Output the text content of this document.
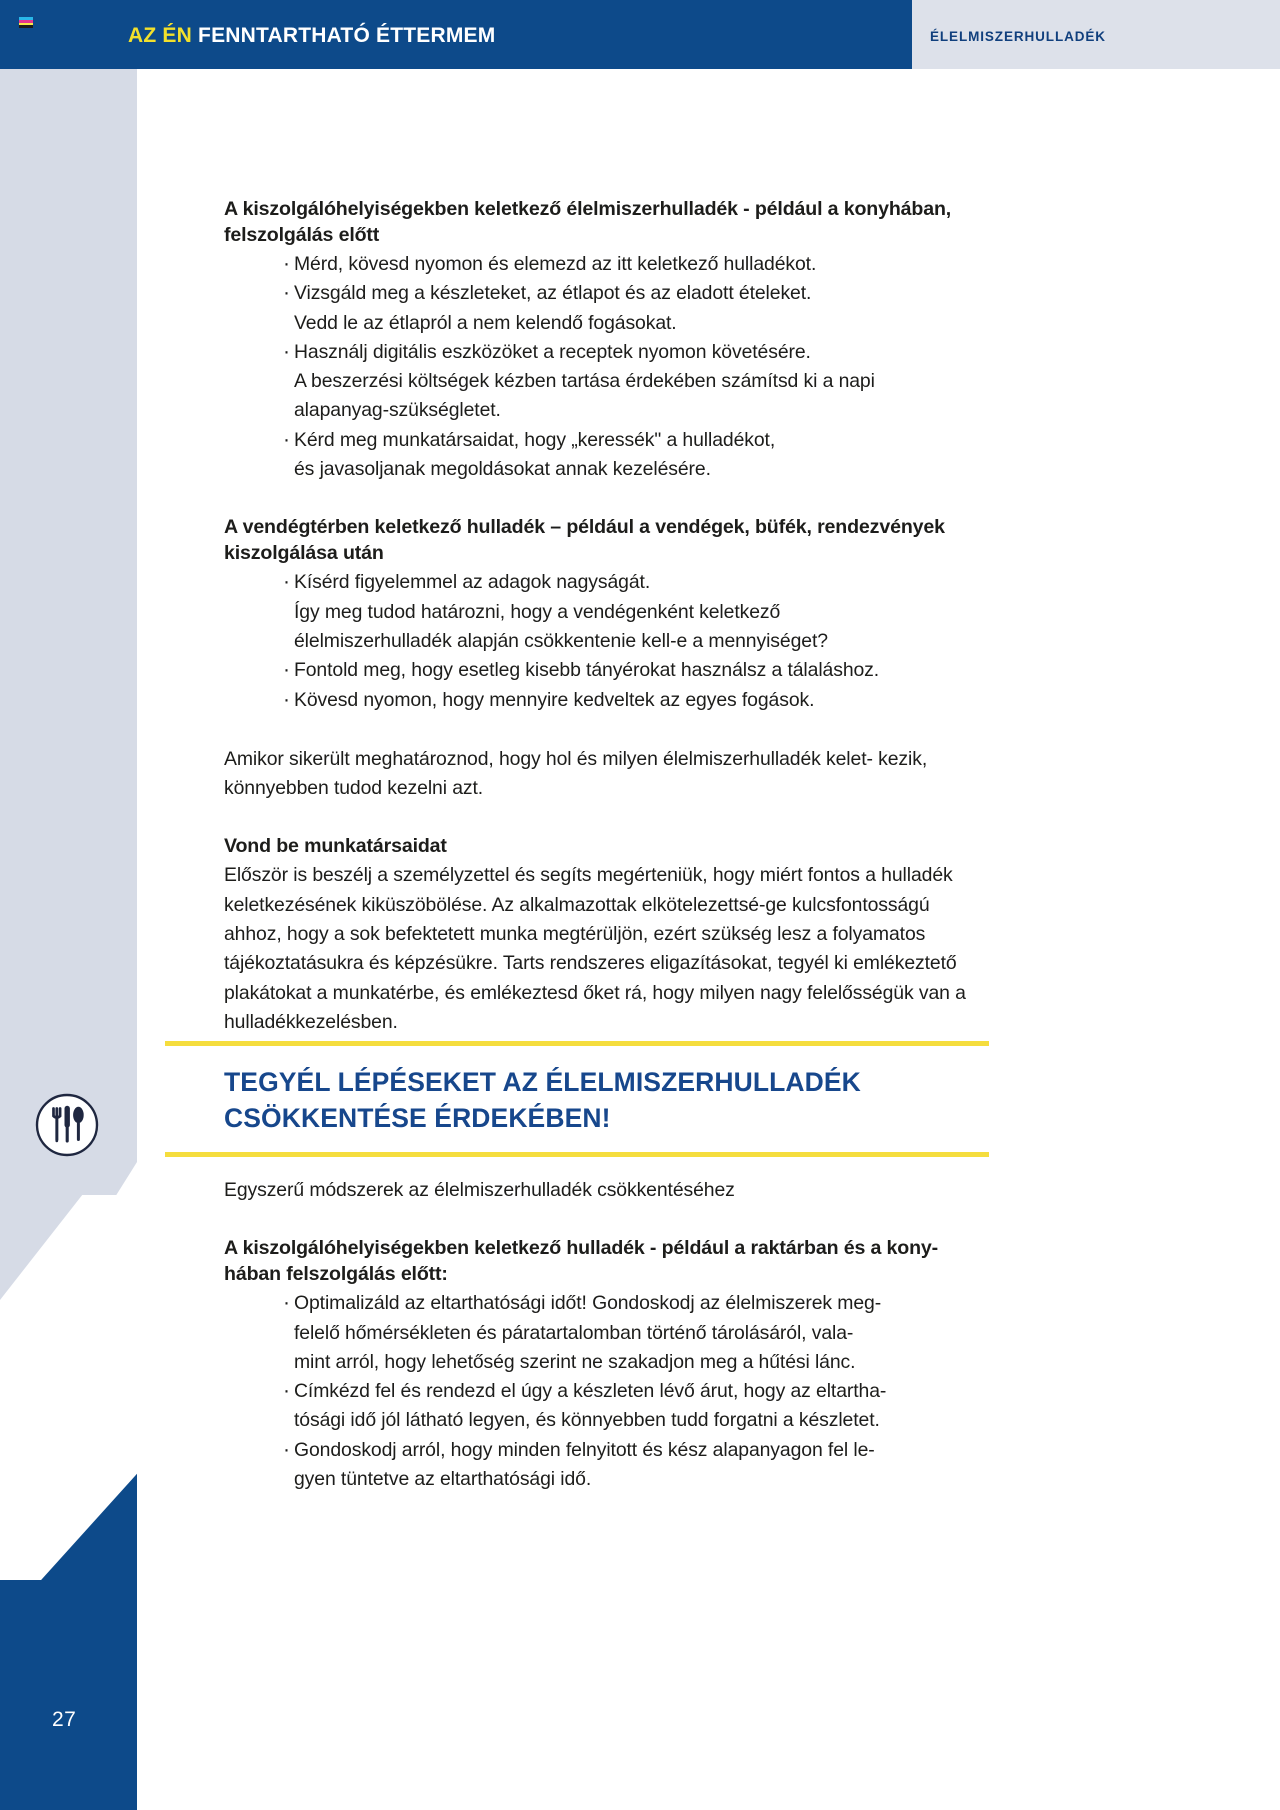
27
AZ ÉN FENNTARTHATÓ ÉTTERMEM	ÉLELMISZERHULLADÉK
A kiszolgálóhelyiségekben keletkező élelmiszerhulladék - például a konyhában, felszolgálás előtt
· Mérd, kövesd nyomon és elemezd az itt keletkező hulladékot.
· Vizsgáld meg a készleteket, az étlapot és az eladott ételeket.
Vedd le az étlapról a nem kelendő fogásokat.
· Használj digitális eszközöket a receptek nyomon követésére.
A beszerzési költségek kézben tartása érdekében számítsd ki a napi
alapanyag-szükségletet.
· Kérd meg munkatársaidat, hogy „keressék" a hulladékot,
és javasoljanak megoldásokat annak kezelésére.
A vendégtérben keletkező hulladék – például a vendégek, büfék, rendezvények kiszolgálása után
· Kísérd figyelemmel az adagok nagyságát.
Így meg tudod határozni, hogy a vendégenként keletkező
élelmiszerhulladék alapján csökkentenie kell-e a mennyiséget?
· Fontold meg, hogy esetleg kisebb tányérokat használsz a tálaláshoz.
· Kövesd nyomon, hogy mennyire kedveltek az egyes fogások.

Amikor sikerült meghatároznod, hogy hol és milyen élelmiszerhulladék kelet- kezik, könnyebben tudod kezelni azt.

Vond be munkatársaidat

Először is beszélj a személyzettel és segíts megérteniük, hogy miért fontos a hulladék keletkezésének kiküszöbölése. Az alkalmazottak elkötelezettsé-ge kulcsfontosságú ahhoz, hogy a sok befektetett munka megtérüljön, ezért szükség lesz a folyamatos tájékoztatásukra és képzésükre. Tarts rendszeres eligazításokat, tegyél ki emlékeztető plakátokat a munkatérbe, és emlékeztesd őket rá, hogy milyen nagy felelősségük van a hulladékkezelésben.

TEGYÉL LÉPÉSEKET AZ ÉLELMISZERHULLADÉK
CSÖKKENTÉSE ÉRDEKÉBEN!

Egyszerű módszerek az élelmiszerhulladék csökkentéséhez

A kiszolgálóhelyiségekben keletkező hulladék - például a raktárban és a kony-hában felszolgálás előtt:
· Optimalizáld az eltarthatósági időt! Gondoskodj az élelmiszerek meg-
felelő hőmérsékleten és páratartalomban történő tárolásáról, vala-
mint arról, hogy lehetőség szerint ne szakadjon meg a hűtési lánc.
· Címkézd fel és rendezd el úgy a készleten lévő árut, hogy az eltartha-
tósági idő jól látható legyen, és könnyebben tudd forgatni a készletet.
· Gondoskodj arról, hogy minden felnyitott és kész alapanyagon fel le-
gyen tüntetve az eltarthatósági idő.
